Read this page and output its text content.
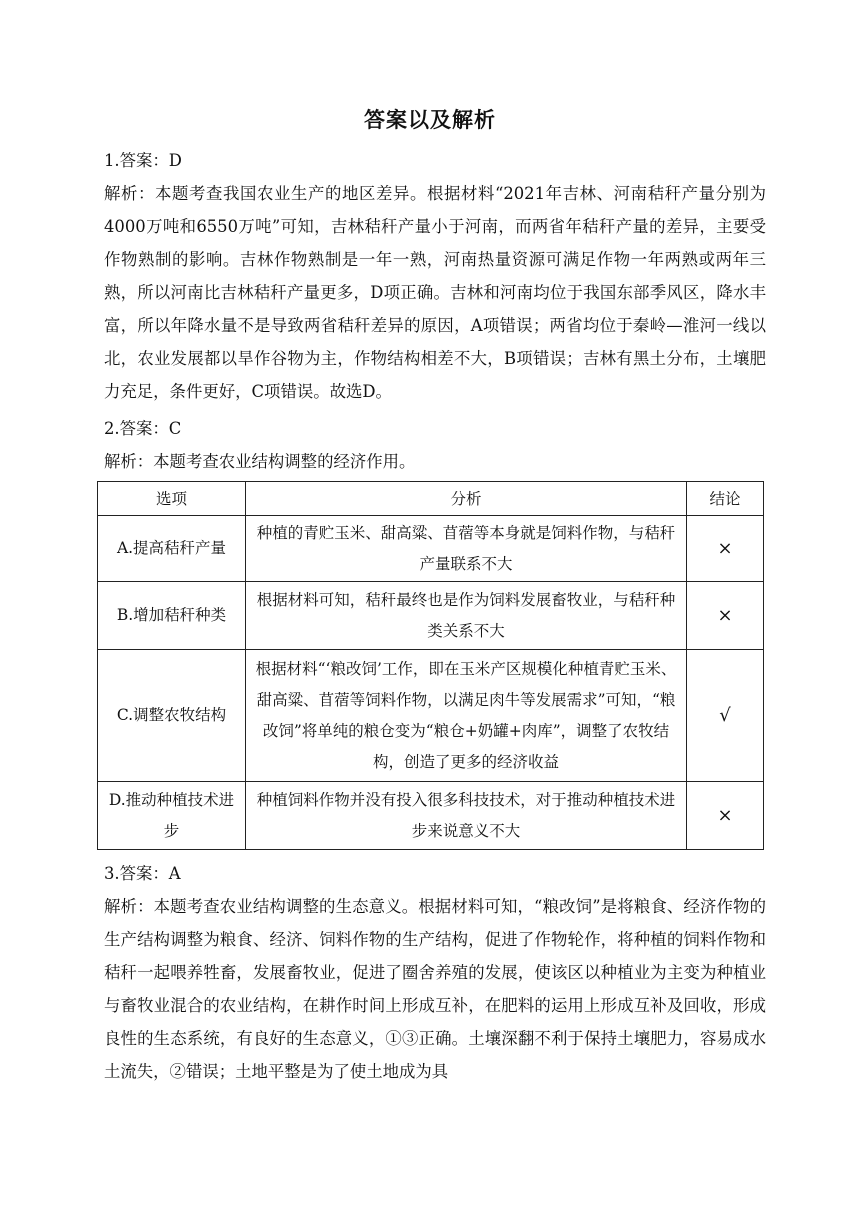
答案以及解析

1.答案：D

解析：本题考查我国农业生产的地区差异。根据材料“2021年吉林、河南秸秆产量分别为4000万吨和6550万吨”可知，吉林秸秆产量小于河南，而两省年秸秆产量的差异，主要受作物熟制的影响。吉林作物熟制是一年一熟，河南热量资源可满足作物一年两熟或两年三熟，所以河南比吉林秸秆产量更多，D项正确。吉林和河南均位于我国东部季风区，降水丰富，所以年降水量不是导致两省秸秆差异的原因，A项错误；两省均位于秦岭—淮河一线以北，农业发展都以旱作谷物为主，作物结构相差不大，B项错误；吉林有黑土分布，土壤肥力充足，条件更好，C项错误。故选D。

2.答案：C

解析：本题考查农业结构调整的经济作用。

选项	分析	结论
A.提高秸秆产量	种植的青贮玉米、甜高粱、苜蓿等本身就是饲料作物，与秸秆产量联系不大	×
B.增加秸秆种类	根据材料可知，秸秆最终也是作为饲料发展畜牧业，与秸秆种类关系不大	×
C.调整农牧结构	根据材料“‘粮改饲’工作，即在玉米产区规模化种植青贮玉米、甜高粱、苜蓿等饲料作物，以满足肉牛等发展需求”可知，“粮改饲”将单纯的粮仓变为“粮仓+奶罐+肉库”，调整了农牧结构，创造了更多的经济收益	√
D.推动种植技术进步	种植饲料作物并没有投入很多科技技术，对于推动种植技术进步来说意义不大	×

3.答案：A

解析：本题考查农业结构调整的生态意义。根据材料可知，“粮改饲”是将粮食、经济作物的生产结构调整为粮食、经济、饲料作物的生产结构，促进了作物轮作，将种植的饲料作物和秸秆一起喂养牲畜，发展畜牧业，促进了圈舍养殖的发展，使该区以种植业为主变为种植业与畜牧业混合的农业结构，在耕作时间上形成互补，在肥料的运用上形成互补及回收，形成良性的生态系统，有良好的生态意义，①③正确。土壤深翻不利于保持土壤肥力，容易成水土流失，②错误；土地平整是为了使土地成为具
